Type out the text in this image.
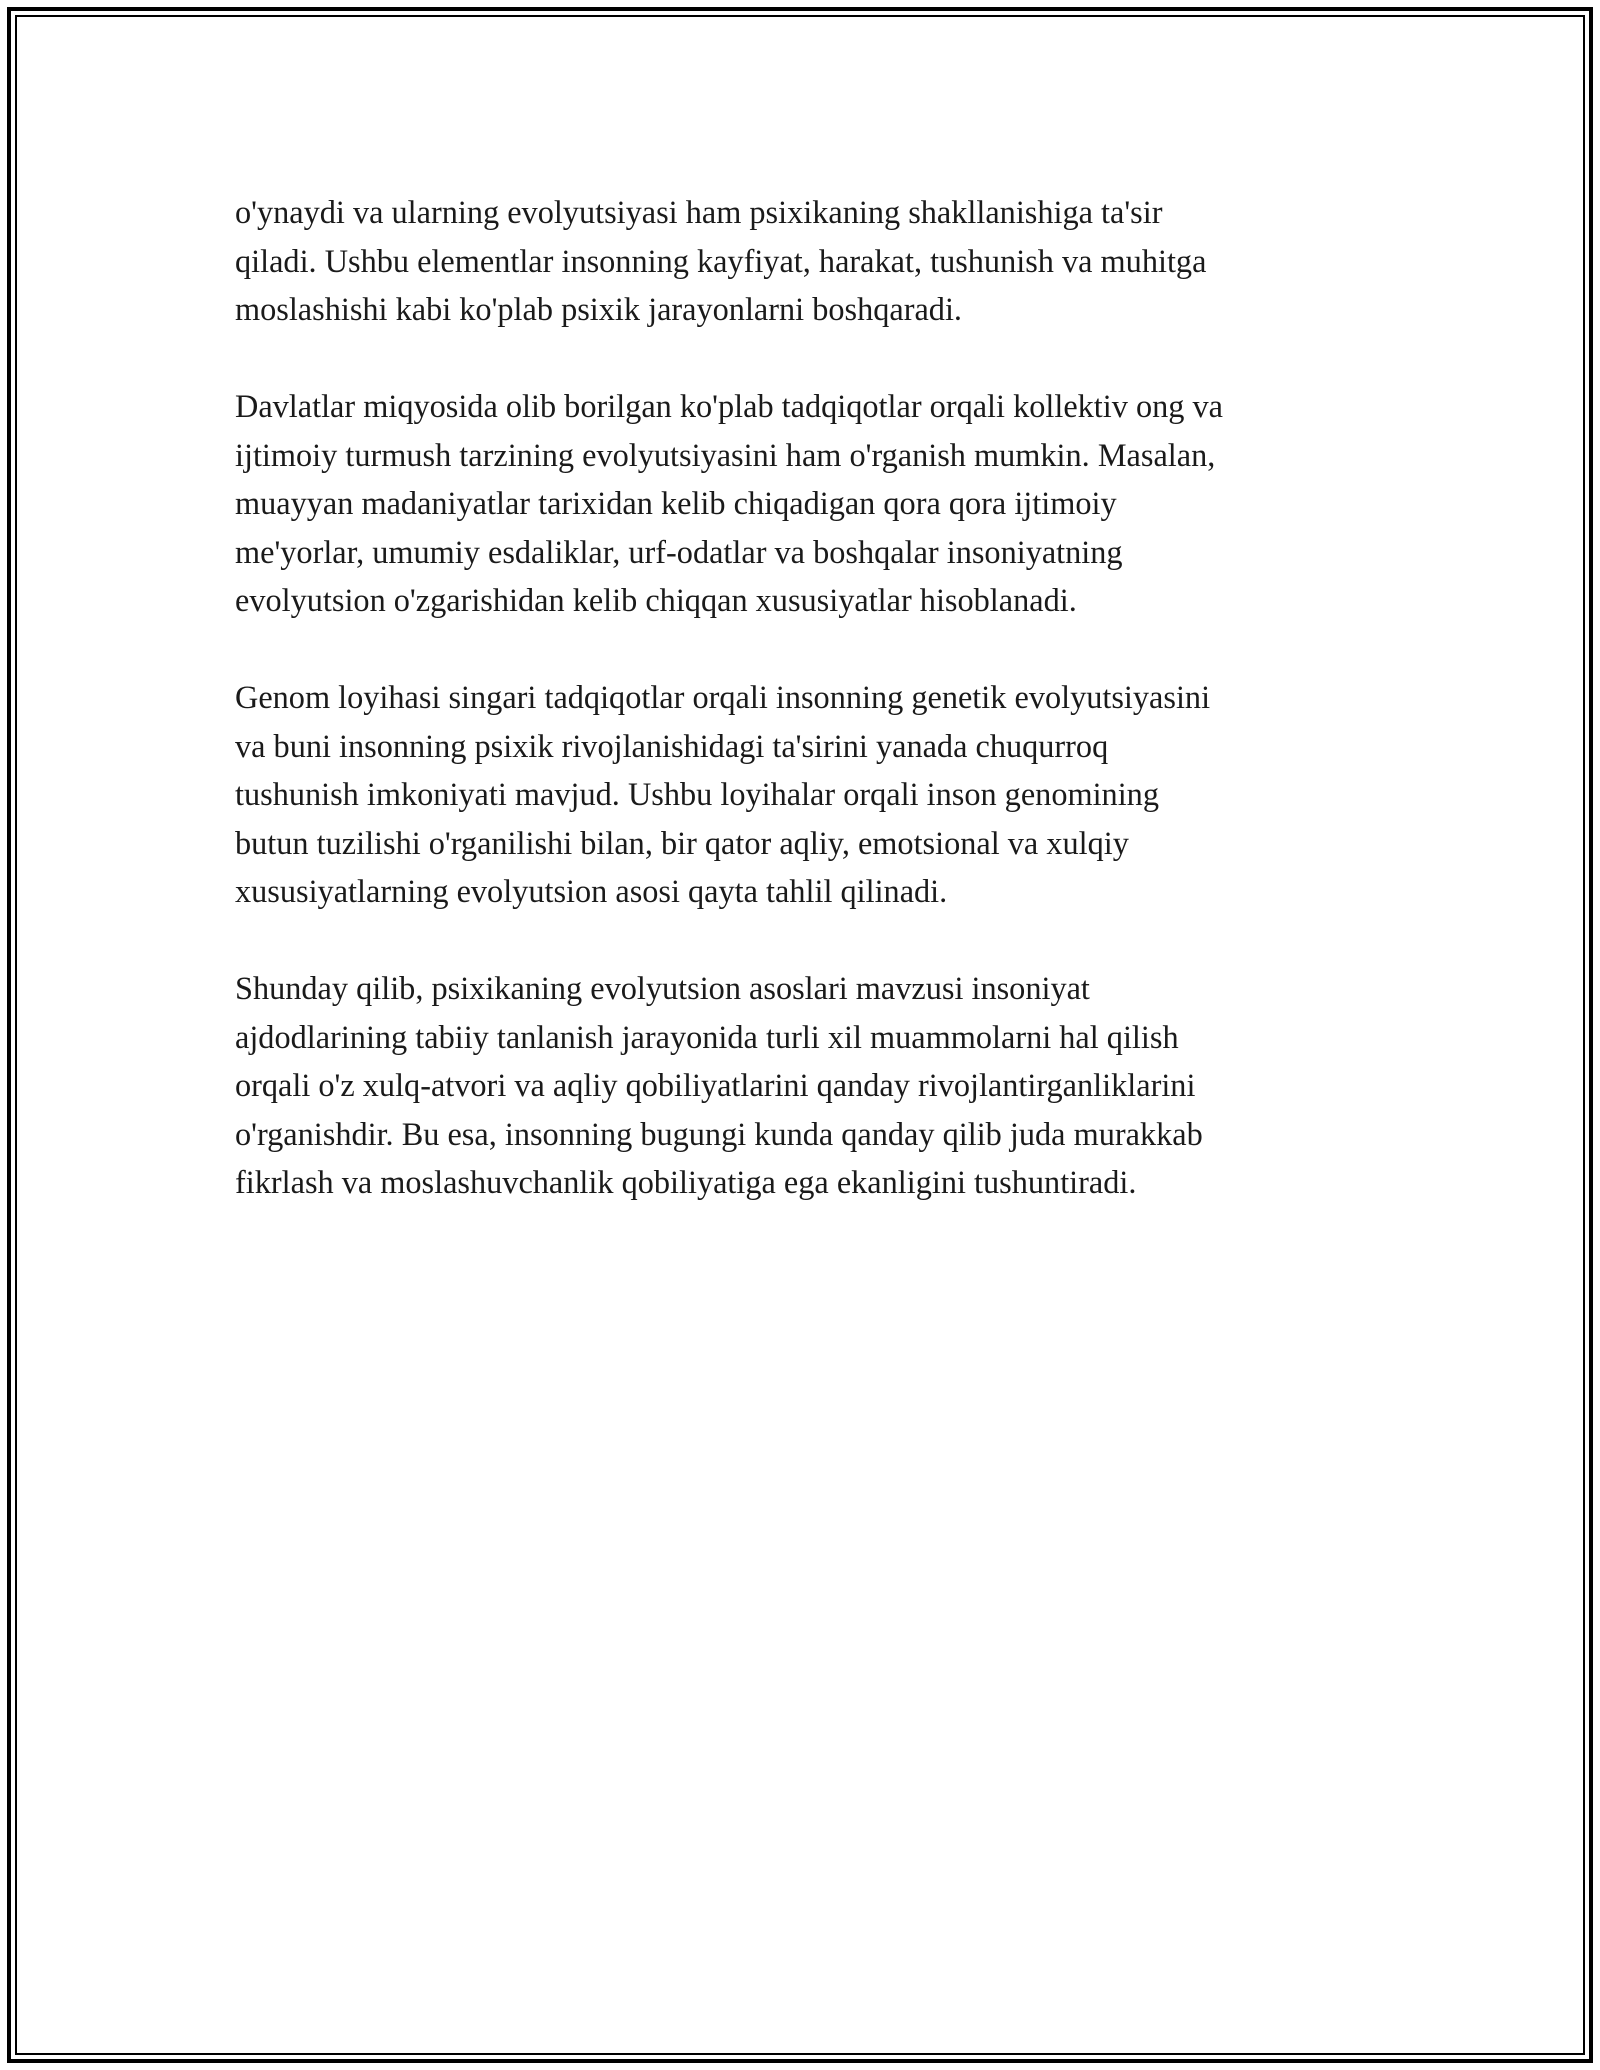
o'ynaydi va ularning evolyutsiyasi ham psixikaning shakllanishiga ta'sir
qiladi. Ushbu elementlar insonning kayfiyat, harakat, tushunish va muhitga
moslashishi kabi ko'plab psixik jarayonlarni boshqaradi.

Davlatlar miqyosida olib borilgan ko'plab tadqiqotlar orqali kollektiv ong va
ijtimoiy turmush tarzining evolyutsiyasini ham o'rganish mumkin. Masalan,
muayyan madaniyatlar tarixidan kelib chiqadigan qora qora ijtimoiy
me'yorlar, umumiy esdaliklar, urf-odatlar va boshqalar insoniyatning
evolyutsion o'zgarishidan kelib chiqqan xususiyatlar hisoblanadi.

Genom loyihasi singari tadqiqotlar orqali insonning genetik evolyutsiyasini
va buni insonning psixik rivojlanishidagi ta'sirini yanada chuqurroq
tushunish imkoniyati mavjud. Ushbu loyihalar orqali inson genomining
butun tuzilishi o'rganilishi bilan, bir qator aqliy, emotsional va xulqiy
xususiyatlarning evolyutsion asosi qayta tahlil qilinadi.

Shunday qilib, psixikaning evolyutsion asoslari mavzusi insoniyat
ajdodlarining tabiiy tanlanish jarayonida turli xil muammolarni hal qilish
orqali o'z xulq-atvori va aqliy qobiliyatlarini qanday rivojlantirganliklarini
o'rganishdir. Bu esa, insonning bugungi kunda qanday qilib juda murakkab
fikrlash va moslashuvchanlik qobiliyatiga ega ekanligini tushuntiradi.
